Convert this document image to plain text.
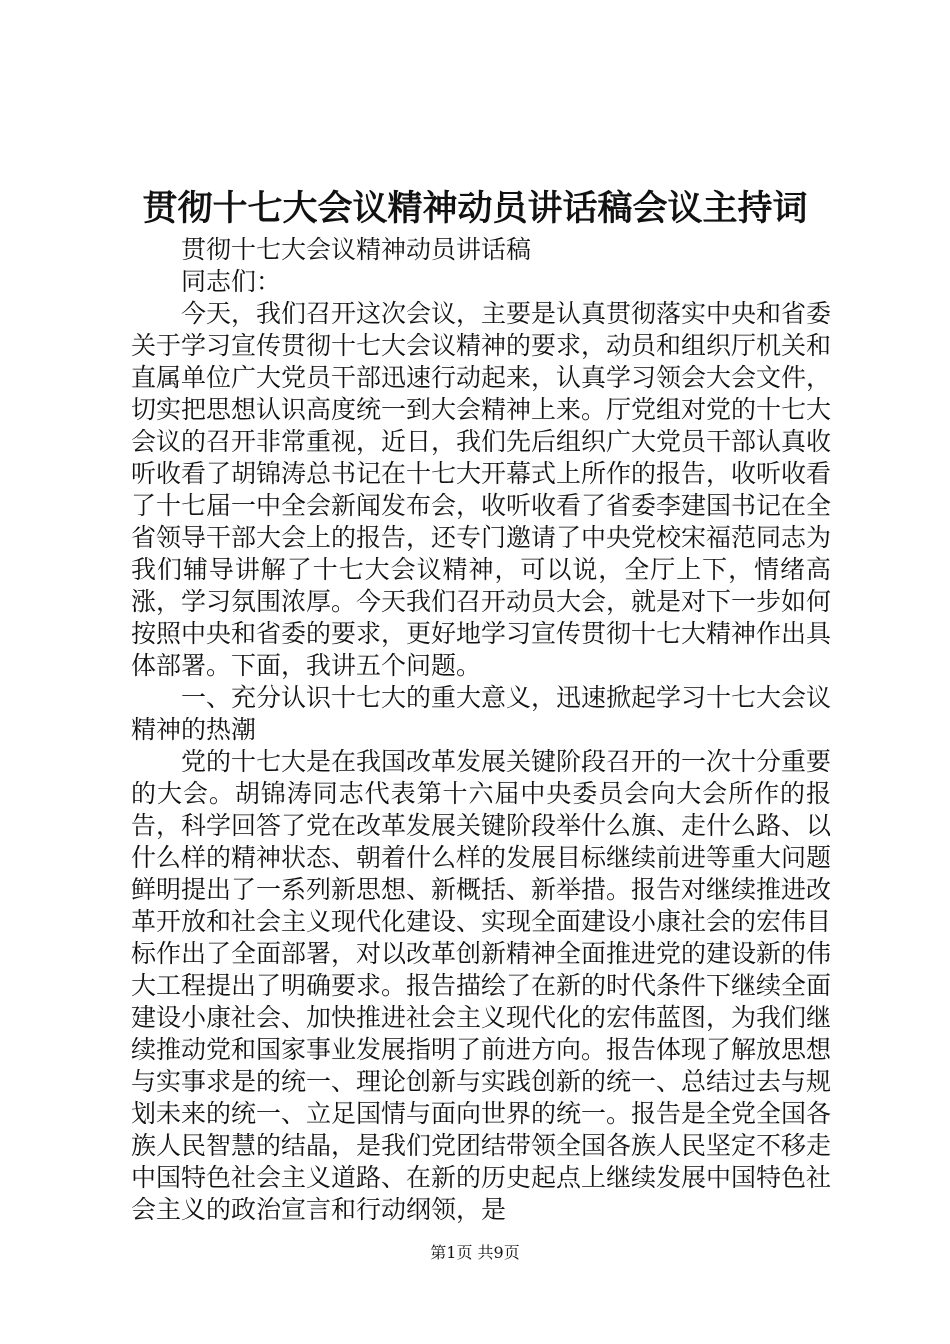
贯彻十七大会议精神动员讲话稿会议主持词

贯彻十七大会议精神动员讲话稿

同志们：

今天，我们召开这次会议，主要是认真贯彻落实中央和省委关于学习宣传贯彻十七大会议精神的要求，动员和组织厅机关和直属单位广大党员干部迅速行动起来，认真学习领会大会文件，切实把思想认识高度统一到大会精神上来。厅党组对党的十七大会议的召开非常重视，近日，我们先后组织广大党员干部认真收听收看了胡锦涛总书记在十七大开幕式上所作的报告，收听收看了十七届一中全会新闻发布会，收听收看了省委李建国书记在全省领导干部大会上的报告，还专门邀请了中央党校宋福范同志为我们辅导讲解了十七大会议精神，可以说，全厅上下，情绪高涨，学习氛围浓厚。今天我们召开动员大会，就是对下一步如何按照中央和省委的要求，更好地学习宣传贯彻十七大精神作出具体部署。下面，我讲五个问题。

一、充分认识十七大的重大意义，迅速掀起学习十七大会议精神的热潮

党的十七大是在我国改革发展关键阶段召开的一次十分重要的大会。胡锦涛同志代表第十六届中央委员会向大会所作的报告，科学回答了党在改革发展关键阶段举什么旗、走什么路、以什么样的精神状态、朝着什么样的发展目标继续前进等重大问题鲜明提出了一系列新思想、新概括、新举措。报告对继续推进改革开放和社会主义现代化建设、实现全面建设小康社会的宏伟目标作出了全面部署，对以改革创新精神全面推进党的建设新的伟大工程提出了明确要求。报告描绘了在新的时代条件下继续全面建设小康社会、加快推进社会主义现代化的宏伟蓝图，为我们继续推动党和国家事业发展指明了前进方向。报告体现了解放思想与实事求是的统一、理论创新与实践创新的统一、总结过去与规划未来的统一、立足国情与面向世界的统一。报告是全党全国各族人民智慧的结晶，是我们党团结带领全国各族人民坚定不移走中国特色社会主义道路、在新的历史起点上继续发展中国特色社会主义的政治宣言和行动纲领，是

第1页 共9页
